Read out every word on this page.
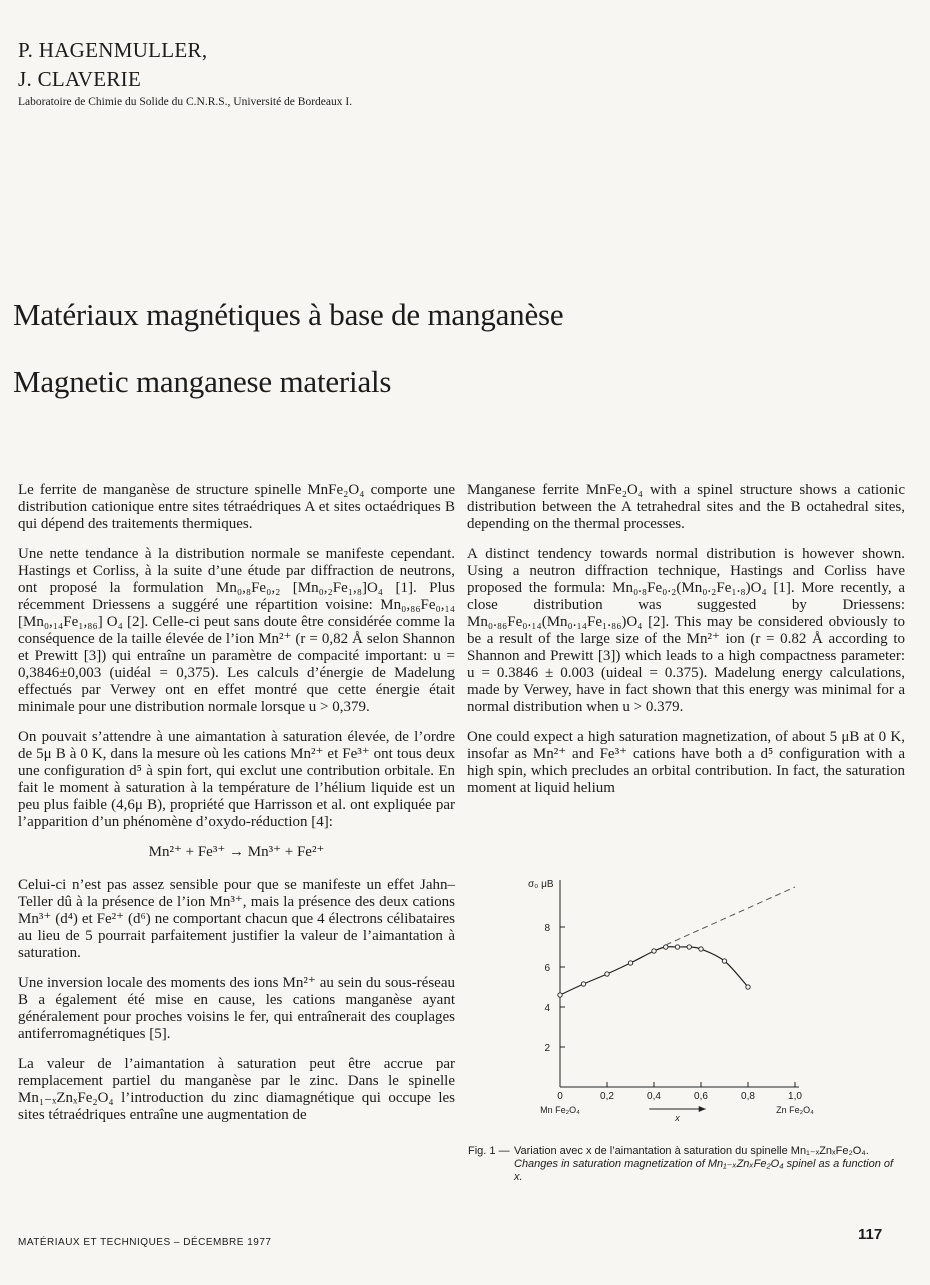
P. HAGENMULLER,
J. CLAVERIE
Laboratoire de Chimie du Solide du C.N.R.S., Université de Bordeaux I.
Matériaux magnétiques à base de manganèse
Magnetic manganese materials

Le ferrite de manganèse de structure spinelle MnFe₂O₄ comporte une distribution cationique entre sites tétraédriques A et sites octaédriques B qui dépend des traitements thermiques.

Une nette tendance à la distribution normale se manifeste cependant. Hastings et Corliss, à la suite d’une étude par diffraction de neutrons, ont proposé la formulation Mn₀,₈Fe₀,₂ [Mn₀,₂Fe₁,₈]O₄ [1]. Plus récemment Driessens a suggéré une répartition voisine: Mn₀,₈₆Fe₀,₁₄ [Mn₀,₁₄Fe₁,₈₆] O₄ [2]. Celle-ci peut sans doute être considérée comme la conséquence de la taille élevée de l’ion Mn²⁺ (r = 0,82 Å selon Shannon et Prewitt [3]) qui entraîne un paramètre de compacité important: u = 0,3846±0,003 (uidéal = 0,375). Les calculs d’énergie de Madelung effectués par Verwey ont en effet montré que cette énergie était minimale pour une distribution normale lorsque u > 0,379.

On pouvait s’attendre à une aimantation à saturation élevée, de l’ordre de 5μ B à 0 K, dans la mesure où les cations Mn²⁺ et Fe³⁺ ont tous deux une configuration d⁵ à spin fort, qui exclut une contribution orbitale. En fait le moment à saturation à la température de l’hélium liquide est un peu plus faible (4,6μ B), propriété que Harrisson et al. ont expliquée par l’apparition d’un phénomène d’oxydo-réduction [4]:

Mn²⁺ + Fe³⁺ → Mn³⁺ + Fe²⁺

Celui-ci n’est pas assez sensible pour que se manifeste un effet Jahn–Teller dû à la présence de l’ion Mn³⁺, mais la présence des deux cations Mn³⁺ (d⁴) et Fe²⁺ (d⁶) ne comportant chacun que 4 électrons célibataires au lieu de 5 pourrait parfaitement justifier la valeur de l’aimantation à saturation.

Une inversion locale des moments des ions Mn²⁺ au sein du sous-réseau B a également été mise en cause, les cations manganèse ayant généralement pour proches voisins le fer, qui entraînerait des couplages antiferromagnétiques [5].

La valeur de l’aimantation à saturation peut être accrue par remplacement partiel du manganèse par le zinc. Dans le spinelle Mn₁₋ₓZnₓFe₂O₄ l’introduction du zinc diamagnétique qui occupe les sites tétraédriques entraîne une augmentation de

Manganese ferrite MnFe₂O₄ with a spinel structure shows a cationic distribution between the A tetrahedral sites and the B octahedral sites, depending on the thermal processes.

A distinct tendency towards normal distribution is however shown. Using a neutron diffraction technique, Hastings and Corliss have proposed the formula: Mn₀.₈Fe₀.₂(Mn₀.₂Fe₁.₈)O₄ [1]. More recently, a close distribution was suggested by Driessens: Mn₀.₈₆Fe₀.₁₄(Mn₀.₁₄Fe₁.₈₆)O₄ [2]. This may be considered obviously to be a result of the large size of the Mn²⁺ ion (r = 0.82 Å according to Shannon and Prewitt [3]) which leads to a high compactness parameter: u = 0.3846 ± 0.003 (uideal = 0.375). Madelung energy calculations, made by Verwey, have in fact shown that this energy was minimal for a normal distribution when u > 0.379.

One could expect a high saturation magnetization, of about 5 μB at 0 K, insofar as Mn²⁺ and Fe³⁺ cations have both a d⁵ configuration with a high spin, which precludes an orbital contribution. In fact, the saturation moment at liquid helium

σ₀ μB
2
4
6
8
0	0,2	0,4	0,6	0,8	1,0
Mn Fe₂O₄	Zn Fe₂O₄
x
Fig. 1 — Variation avec x de l’aimantation à saturation du spinelle Mn₁₋ₓZnₓFe₂O₄.
Changes in saturation magnetization of Mn₁₋ₓZnₓFe₂O₄ spinel as a function of x.
MATÉRIAUX ET TECHNIQUES – DÉCEMBRE 1977	117
